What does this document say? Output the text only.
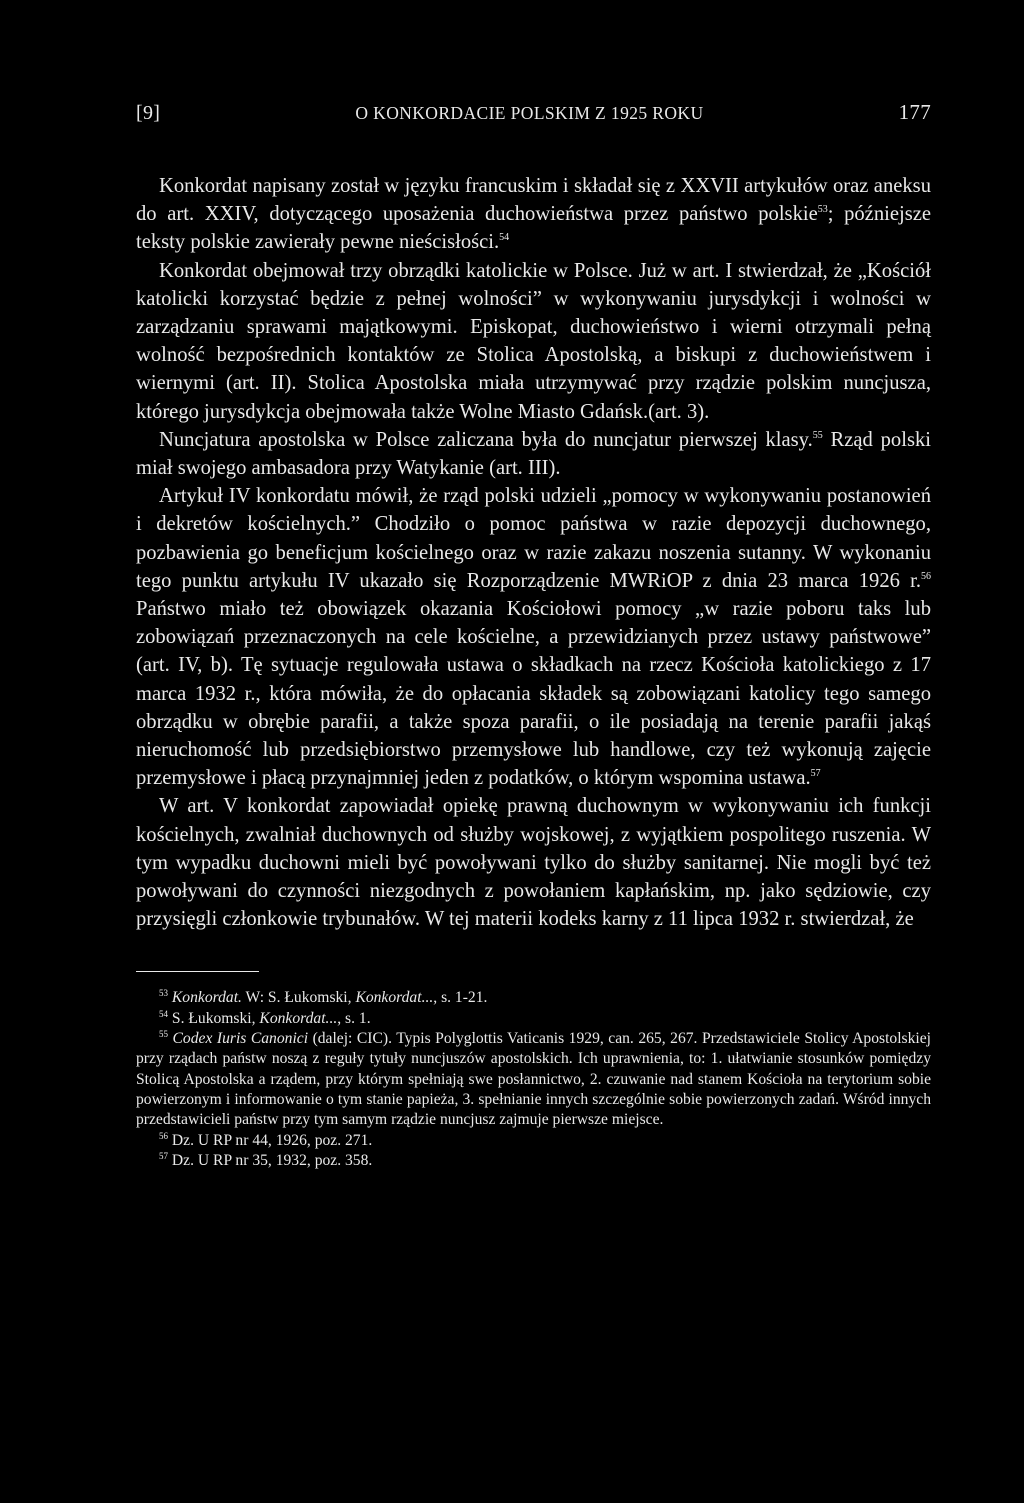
[9]	O KONKORDACIE POLSKIM Z 1925 ROKU	177

Konkordat napisany został w języku francuskim i składał się z XXVII artykułów oraz aneksu do art. XXIV, dotyczącego uposażenia duchowieństwa przez państwo polskie$^{53}$; późniejsze teksty polskie zawierały pewne nieścisłości.$^{54}$

Konkordat obejmował trzy obrządki katolickie w Polsce. Już w art. I stwierdzał, że „Kościół katolicki korzystać będzie z pełnej wolności” w wykonywaniu jurysdykcji i wolności w zarządzaniu sprawami majątkowymi. Episkopat, duchowieństwo i wierni otrzymali pełną wolność bezpośrednich kontaktów ze Stolica Apostolską, a biskupi z duchowieństwem i wiernymi (art. II). Stolica Apostolska miała utrzymywać przy rządzie polskim nuncjusza, którego jurysdykcja obejmowała także Wolne Miasto Gdańsk.(art. 3).

Nuncjatura apostolska w Polsce zaliczana była do nuncjatur pierwszej klasy.$^{55}$ Rząd polski miał swojego ambasadora przy Watykanie (art. III).

Artykuł IV konkordatu mówił, że rząd polski udzieli „pomocy w wykonywaniu postanowień i dekretów kościelnych.” Chodziło o pomoc państwa w razie depozycji duchownego, pozbawienia go beneficjum kościelnego oraz w razie zakazu noszenia sutanny. W wykonaniu tego punktu artykułu IV ukazało się Rozporządzenie MWRiOP z dnia 23 marca 1926 r.$^{56}$ Państwo miało też obowiązek okazania Kościołowi pomocy „w razie poboru taks lub zobowiązań przeznaczonych na cele kościelne, a przewidzianych przez ustawy państwowe” (art. IV, b). Tę sytuacje regulowała ustawa o składkach na rzecz Kościoła katolickiego z 17 marca 1932 r., która mówiła, że do opłacania składek są zobowiązani katolicy tego samego obrządku w obrębie parafii, a także spoza parafii, o ile posiadają na terenie parafii jakąś nieruchomość lub przedsiębiorstwo przemysłowe lub handlowe, czy też wykonują zajęcie przemysłowe i płacą przynajmniej jeden z podatków, o którym wspomina ustawa.$^{57}$

W art. V konkordat zapowiadał opiekę prawną duchownym w wykonywaniu ich funkcji kościelnych, zwalniał duchownych od służby wojskowej, z wyjątkiem pospolitego ruszenia. W tym wypadku duchowni mieli być powoływani tylko do służby sanitarnej. Nie mogli być też powoływani do czynności niezgodnych z powołaniem kapłańskim, np. jako sędziowie, czy przysięgli członkowie trybunałów. W tej materii kodeks karny z 11 lipca 1932 r. stwierdzał, że

$^{53}$ Konkordat. W: S. Łukomski, Konkordat..., s. 1-21.

$^{54}$ S. Łukomski, Konkordat..., s. 1.

$^{55}$ Codex Iuris Canonici (dalej: CIC). Typis Polyglottis Vaticanis 1929, can. 265, 267. Przedstawiciele Stolicy Apostolskiej przy rządach państw noszą z reguły tytuły nuncjuszów apostolskich. Ich uprawnienia, to: 1. ułatwianie stosunków pomiędzy Stolicą Apostolska a rządem, przy którym spełniają swe posłannictwo, 2. czuwanie nad stanem Kościoła na terytorium sobie powierzonym i informowanie o tym stanie papieża, 3. spełnianie innych szczególnie sobie powierzonych zadań. Wśród innych przedstawicieli państw przy tym samym rządzie nuncjusz zajmuje pierwsze miejsce.

$^{56}$ Dz. U RP nr 44, 1926, poz. 271.

$^{57}$ Dz. U RP nr 35, 1932, poz. 358.
